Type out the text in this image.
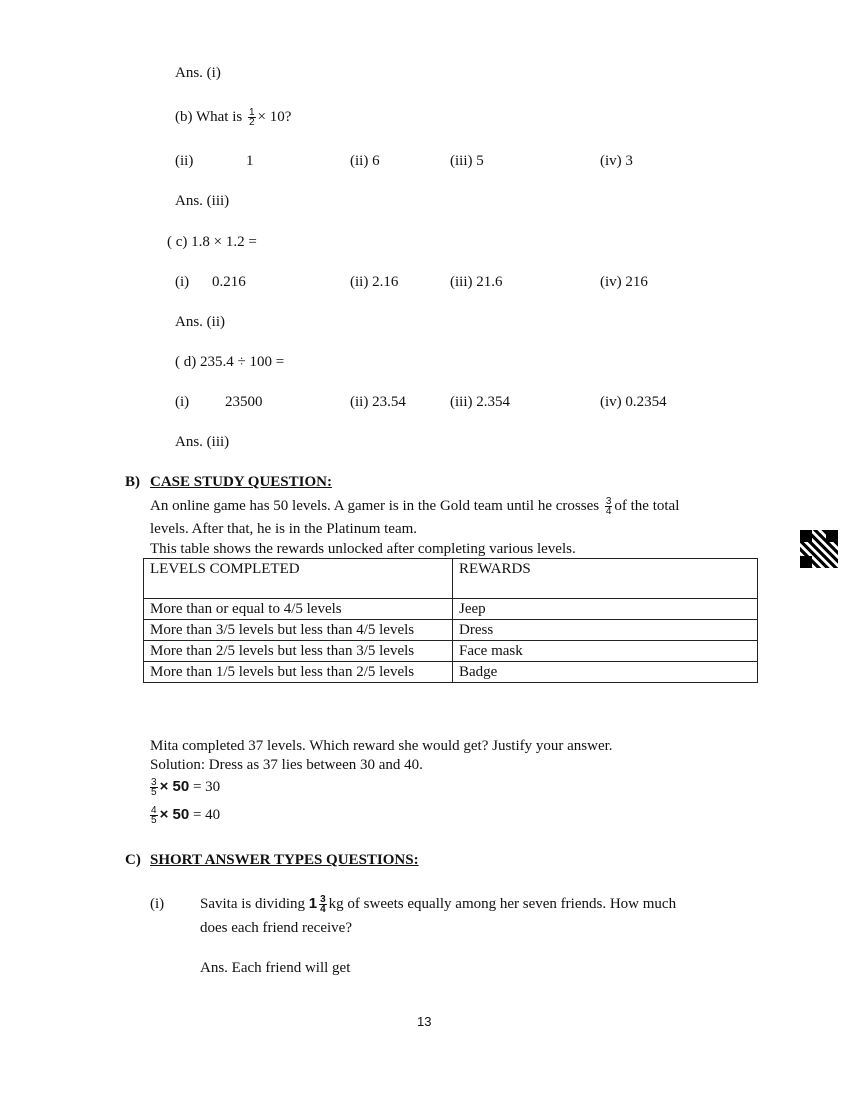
Ans. (i)
(b) What is $\frac{1}{2} \times 10$?
(ii)	1	(ii) 6	(iii) 5	(iv) 3
Ans. (iii)
( c) 1.8 × 1.2 =
(i) 0.216	(ii) 2.16	(iii) 21.6	(iv) 216
Ans. (ii)
( d) 235.4 ÷ 100 =
(i) 23500	(ii) 23.54	(iii) 2.354	(iv) 0.2354
Ans. (iii)
B) CASE STUDY QUESTION:
An online game has 50 levels. A gamer is in the Gold team until he crosses $\frac{3}{4}$ of the total
levels. After that, he is in the Platinum team.
This table shows the rewards unlocked after completing various levels.
LEVELS COMPLETED	REWARDS
More than or equal to 4/5 levels	Jeep
More than 3/5 levels but less than 4/5 levels	Dress
More than 2/5 levels but less than 3/5 levels	Face mask
More than 1/5 levels but less than 2/5 levels	Badge
Mita completed 37 levels. Which reward she would get? Justify your answer.
Solution: Dress as 37 lies between 30 and 40.
$\frac{3}{5} \times 50 = 30$
$\frac{4}{5} \times 50 = 40$
C) SHORT ANSWER TYPES QUESTIONS:
(i) Savita is dividing $1 \frac{3}{4}$ kg of sweets equally among her seven friends. How much
does each friend receive?
Ans. Each friend will get
13
